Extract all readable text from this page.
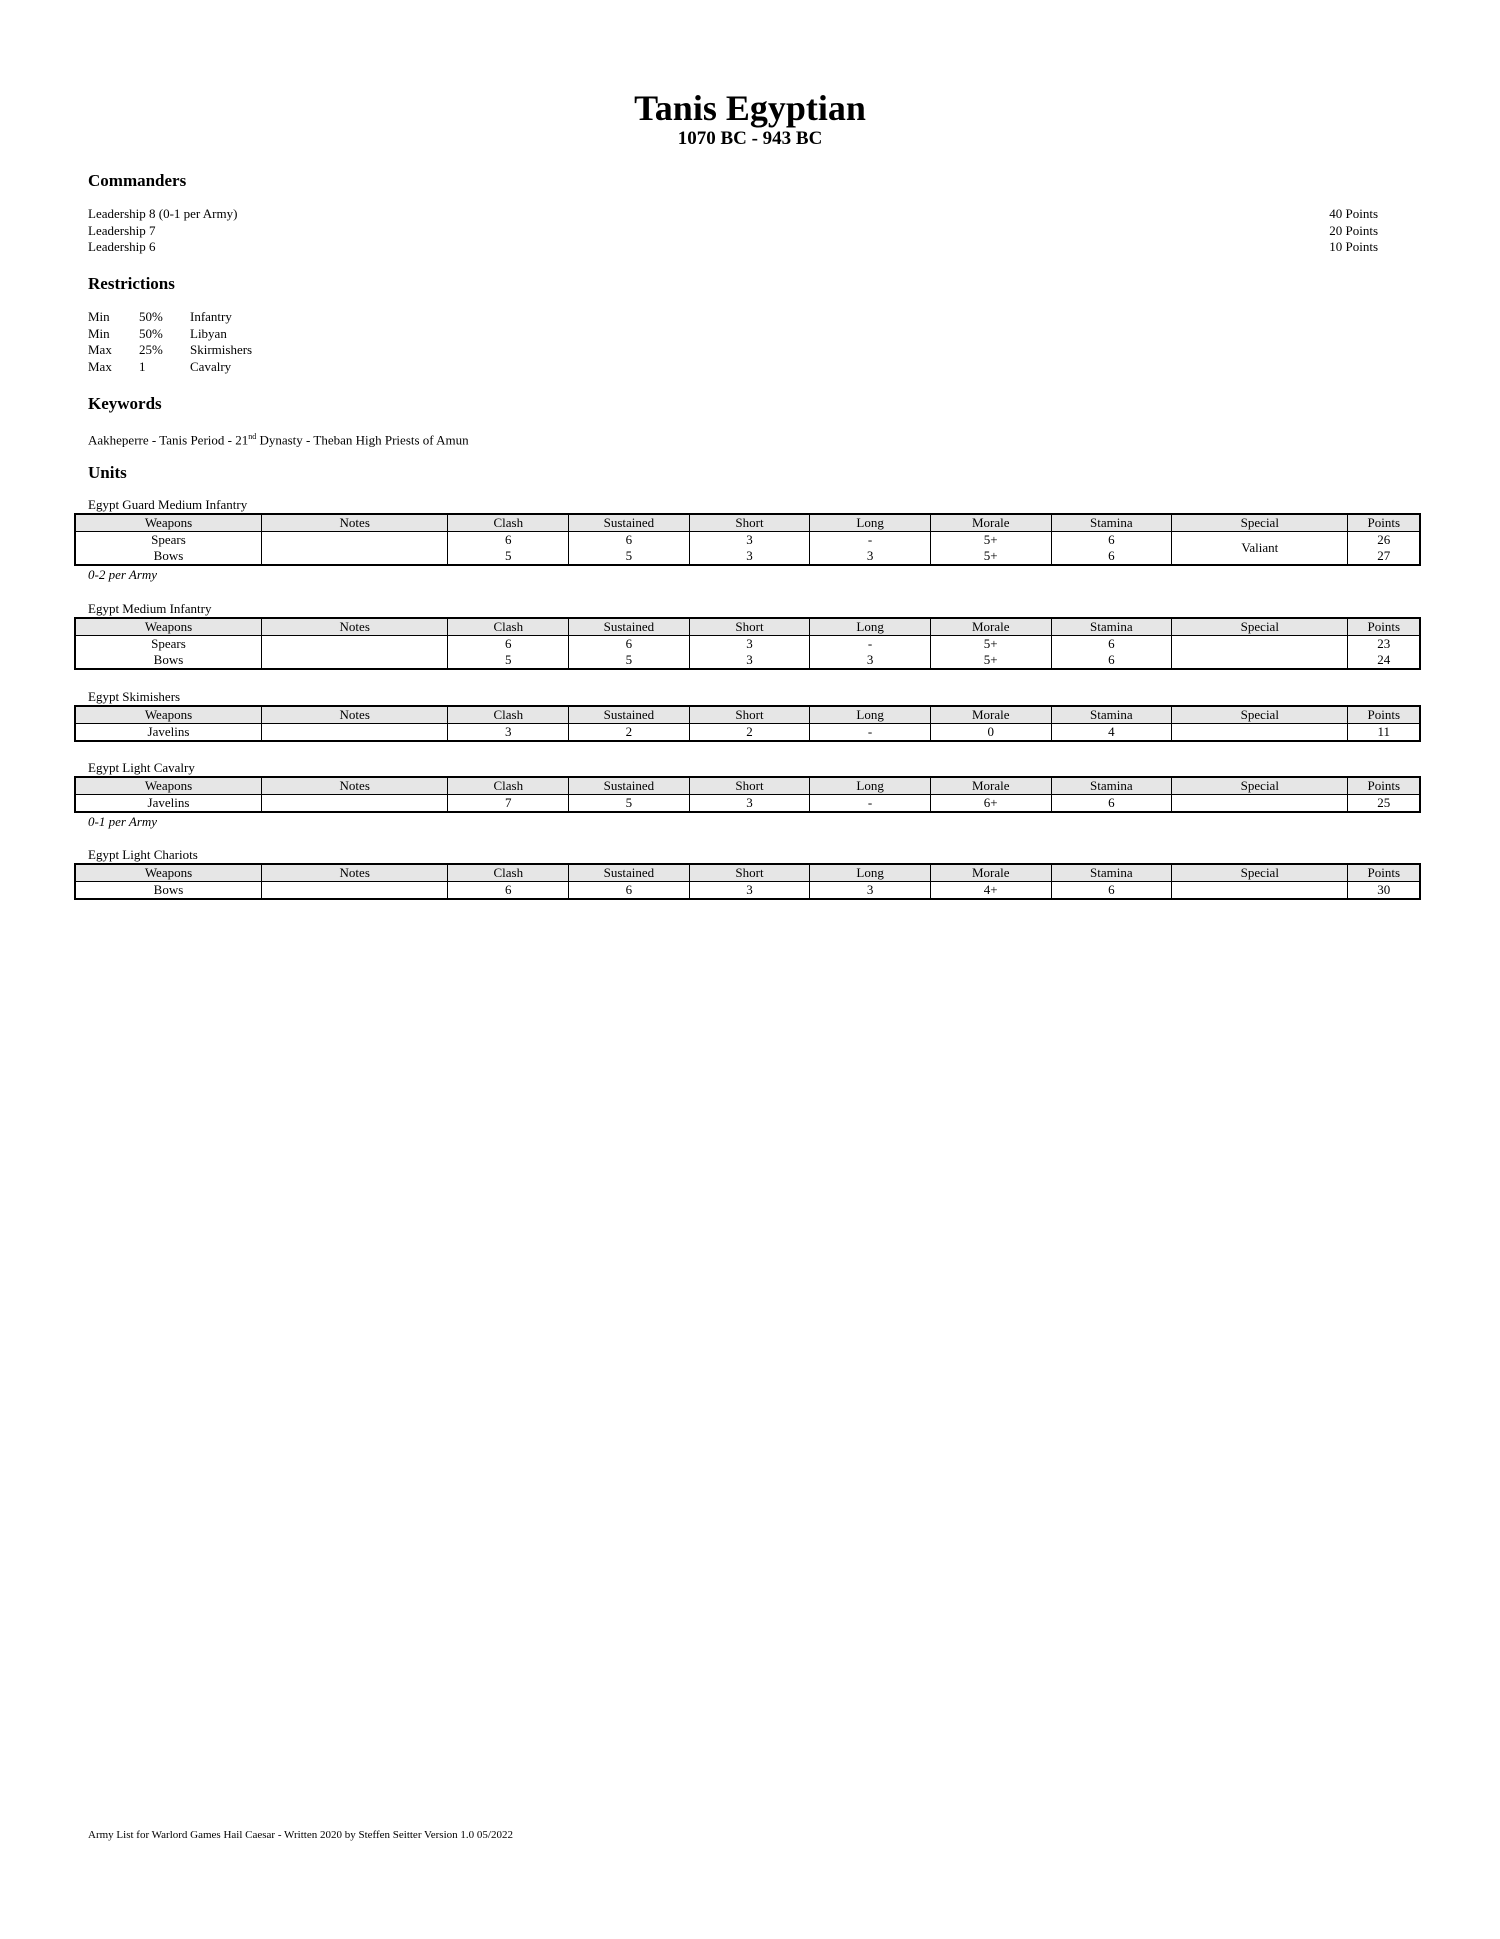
Tanis Egyptian
1070 BC - 943 BC
Commanders
Leadership 8 (0-1 per Army)	40 Points
Leadership 7	20 Points
Leadership 6	10 Points
Restrictions
Min	50%	Infantry
Min	50%	Libyan
Max	25%	Skirmishers
Max	1	Cavalry
Keywords
Aakheperre - Tanis Period - 21nd Dynasty - Theban High Priests of Amun
Units
Egypt Guard Medium Infantry
Weapons	Notes	Clash	Sustained	Short	Long	Morale	Stamina	Special	Points
Spears		6	6	3	-	5+	6	Valiant	26
Bows		5	5	3	3	5+	6		27
0-2 per Army
Egypt Medium Infantry
Weapons	Notes	Clash	Sustained	Short	Long	Morale	Stamina	Special	Points
Spears		6	6	3	-	5+	6		23
Bows		5	5	3	3	5+	6		24
Egypt Skimishers
Weapons	Notes	Clash	Sustained	Short	Long	Morale	Stamina	Special	Points
Javelins		3	2	2	-	0	4		11
Egypt Light Cavalry
Weapons	Notes	Clash	Sustained	Short	Long	Morale	Stamina	Special	Points
Javelins		7	5	3	-	6+	6		25
0-1 per Army
Egypt Light Chariots
Weapons	Notes	Clash	Sustained	Short	Long	Morale	Stamina	Special	Points
Bows		6	6	3	3	4+	6		30
Army List for Warlord Games Hail Caesar - Written 2020 by Steffen Seitter Version 1.0 05/2022
